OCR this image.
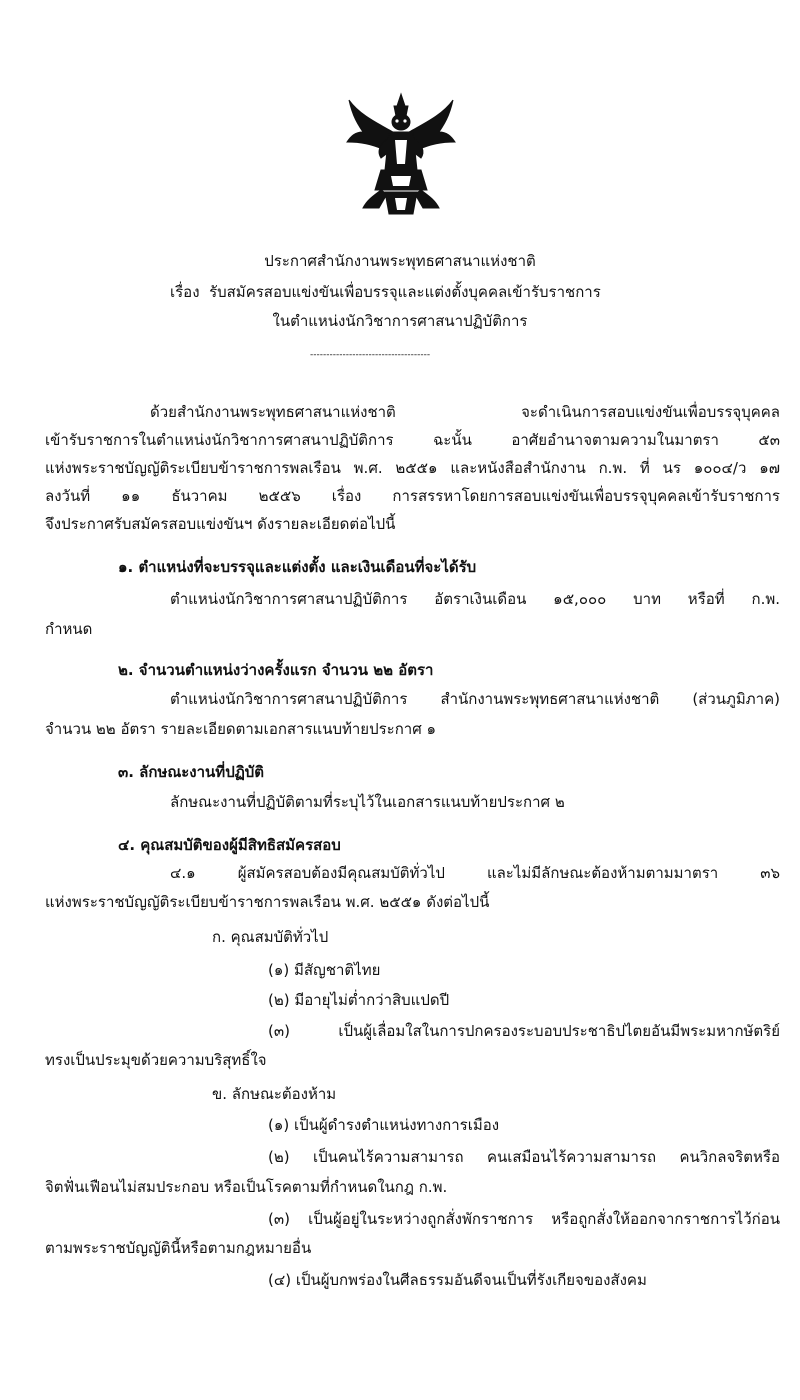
ประกาศสำนักงานพระพุทธศาสนาแห่งชาติ
เรื่อง รับสมัครสอบแข่งขันเพื่อบรรจุและแต่งตั้งบุคคลเข้ารับราชการ
ในตำแหน่งนักวิชาการศาสนาปฏิบัติการ
-------------------------------------
ด้วยสำนักงานพระพุทธศาสนาแห่งชาติ จะดำเนินการสอบแข่งขันเพื่อบรรจุบุคคล
เข้ารับราชการในตำแหน่งนักวิชาการศาสนาปฏิบัติการ ฉะนั้น อาศัยอำนาจตามความในมาตรา ๕๓
แห่งพระราชบัญญัติระเบียบข้าราชการพลเรือน พ.ศ. ๒๕๕๑ และหนังสือสำนักงาน ก.พ. ที่ นร ๑๐๐๔/ว ๑๗
ลงวันที่ ๑๑ ธันวาคม ๒๕๕๖ เรื่อง การสรรหาโดยการสอบแข่งขันเพื่อบรรจุบุคคลเข้ารับราชการ
จึงประกาศรับสมัครสอบแข่งขันฯ ดังรายละเอียดต่อไปนี้
๑. ตำแหน่งที่จะบรรจุและแต่งตั้ง และเงินเดือนที่จะได้รับ
ตำแหน่งนักวิชาการศาสนาปฏิบัติการ อัตราเงินเดือน ๑๕,๐๐๐ บาท หรือที่ ก.พ.
กำหนด
๒. จำนวนตำแหน่งว่างครั้งแรก จำนวน ๒๒ อัตรา
ตำแหน่งนักวิชาการศาสนาปฏิบัติการ สำนักงานพระพุทธศาสนาแห่งชาติ (ส่วนภูมิภาค)
จำนวน ๒๒ อัตรา รายละเอียดตามเอกสารแนบท้ายประกาศ ๑
๓. ลักษณะงานที่ปฏิบัติ
ลักษณะงานที่ปฏิบัติตามที่ระบุไว้ในเอกสารแนบท้ายประกาศ ๒
๔. คุณสมบัติของผู้มีสิทธิสมัครสอบ
๔.๑ ผู้สมัครสอบต้องมีคุณสมบัติทั่วไป และไม่มีลักษณะต้องห้ามตามมาตรา ๓๖
แห่งพระราชบัญญัติระเบียบข้าราชการพลเรือน พ.ศ. ๒๕๕๑ ดังต่อไปนี้
ก. คุณสมบัติทั่วไป
(๑) มีสัญชาติไทย
(๒) มีอายุไม่ต่ำกว่าสิบแปดปี
(๓) เป็นผู้เลื่อมใสในการปกครองระบอบประชาธิปไตยอันมีพระมหากษัตริย์
ทรงเป็นประมุขด้วยความบริสุทธิ์ใจ
ข. ลักษณะต้องห้าม
(๑) เป็นผู้ดำรงตำแหน่งทางการเมือง
(๒) เป็นคนไร้ความสามารถ คนเสมือนไร้ความสามารถ คนวิกลจริตหรือ
จิตฟั่นเฟือนไม่สมประกอบ หรือเป็นโรคตามที่กำหนดในกฎ ก.พ.
(๓) เป็นผู้อยู่ในระหว่างถูกสั่งพักราชการ หรือถูกสั่งให้ออกจากราชการไว้ก่อน
ตามพระราชบัญญัตินี้หรือตามกฎหมายอื่น
(๔) เป็นผู้บกพร่องในศีลธรรมอันดีจนเป็นที่รังเกียจของสังคม
